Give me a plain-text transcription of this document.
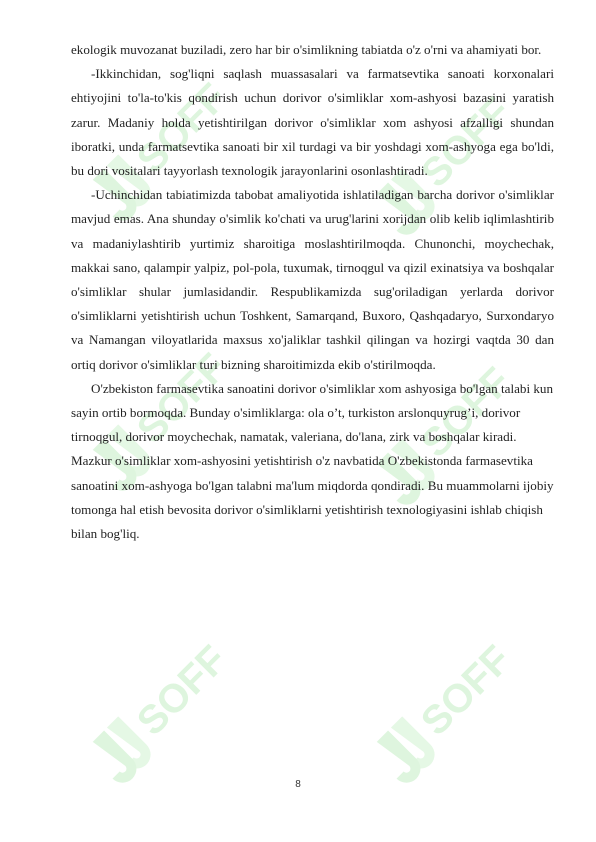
SOFF	SOFF
SOFF	SOFF
SOFF	SOFF

ekologik muvozanat buziladi, zero har bir o'simlikning tabiatda o'z o'rni va ahamiyati bor.

-Ikkinchidan, sog'liqni saqlash muassasalari va farmatsevtika sanoati korxonalari ehtiyojini to'la-to'kis qondirish uchun dorivor o'simliklar xom-ashyosi bazasini yaratish zarur. Madaniy holda yetishtirilgan dorivor o'simliklar xom ashyosi afzalligi shundan iboratki, unda farmatsevtika sanoati bir xil turdagi va bir yoshdagi xom-ashyoga ega bo'ldi, bu dori vositalari tayyorlash texnologik jarayonlarini osonlashtiradi.

-Uchinchidan tabiatimizda tabobat amaliyotida ishlatiladigan barcha dorivor o'simliklar mavjud emas. Ana shunday o'simlik ko'chati va urug'larini xorijdan olib kelib iqlimlashtirib va madaniylashtirib yurtimiz sharoitiga moslashtirilmoqda. Chunonchi, moychechak, makkai sano, qalampir yalpiz, pol-pola, tuxumak, tirnoqgul va qizil exinatsiya va boshqalar o'simliklar shular jumlasidandir. Respublikamizda sug'oriladigan yerlarda dorivor o'simliklarni yetishtirish uchun Toshkent, Samarqand, Buxoro, Qashqadaryo, Surxondaryo va Namangan viloyatlarida maxsus xo'jaliklar tashkil qilingan va hozirgi vaqtda 30 dan ortiq dorivor o'simliklar turi bizning sharoitimizda ekib o'stirilmoqda.

O'zbekiston farmasevtika sanoatini dorivor o'simliklar xom ashyosiga bo'lgan talabi kun sayin ortib bormoqda. Bunday o'simliklarga: ola o’t, turkiston arslonquyrug’i, dorivor tirnoqgul, dorivor moychechak, namatak, valeriana, do'lana, zirk va boshqalar kiradi. Mazkur o'simliklar xom-ashyosini yetishtirish o'z navbatida O'zbekistonda farmasevtika sanoatini xom-ashyoga bo'lgan talabni ma'lum miqdorda qondiradi. Bu muammolarni ijobiy tomonga hal etish bevosita dorivor o'simliklarni yetishtirish texnologiyasini ishlab chiqish bilan bog'liq.

8
